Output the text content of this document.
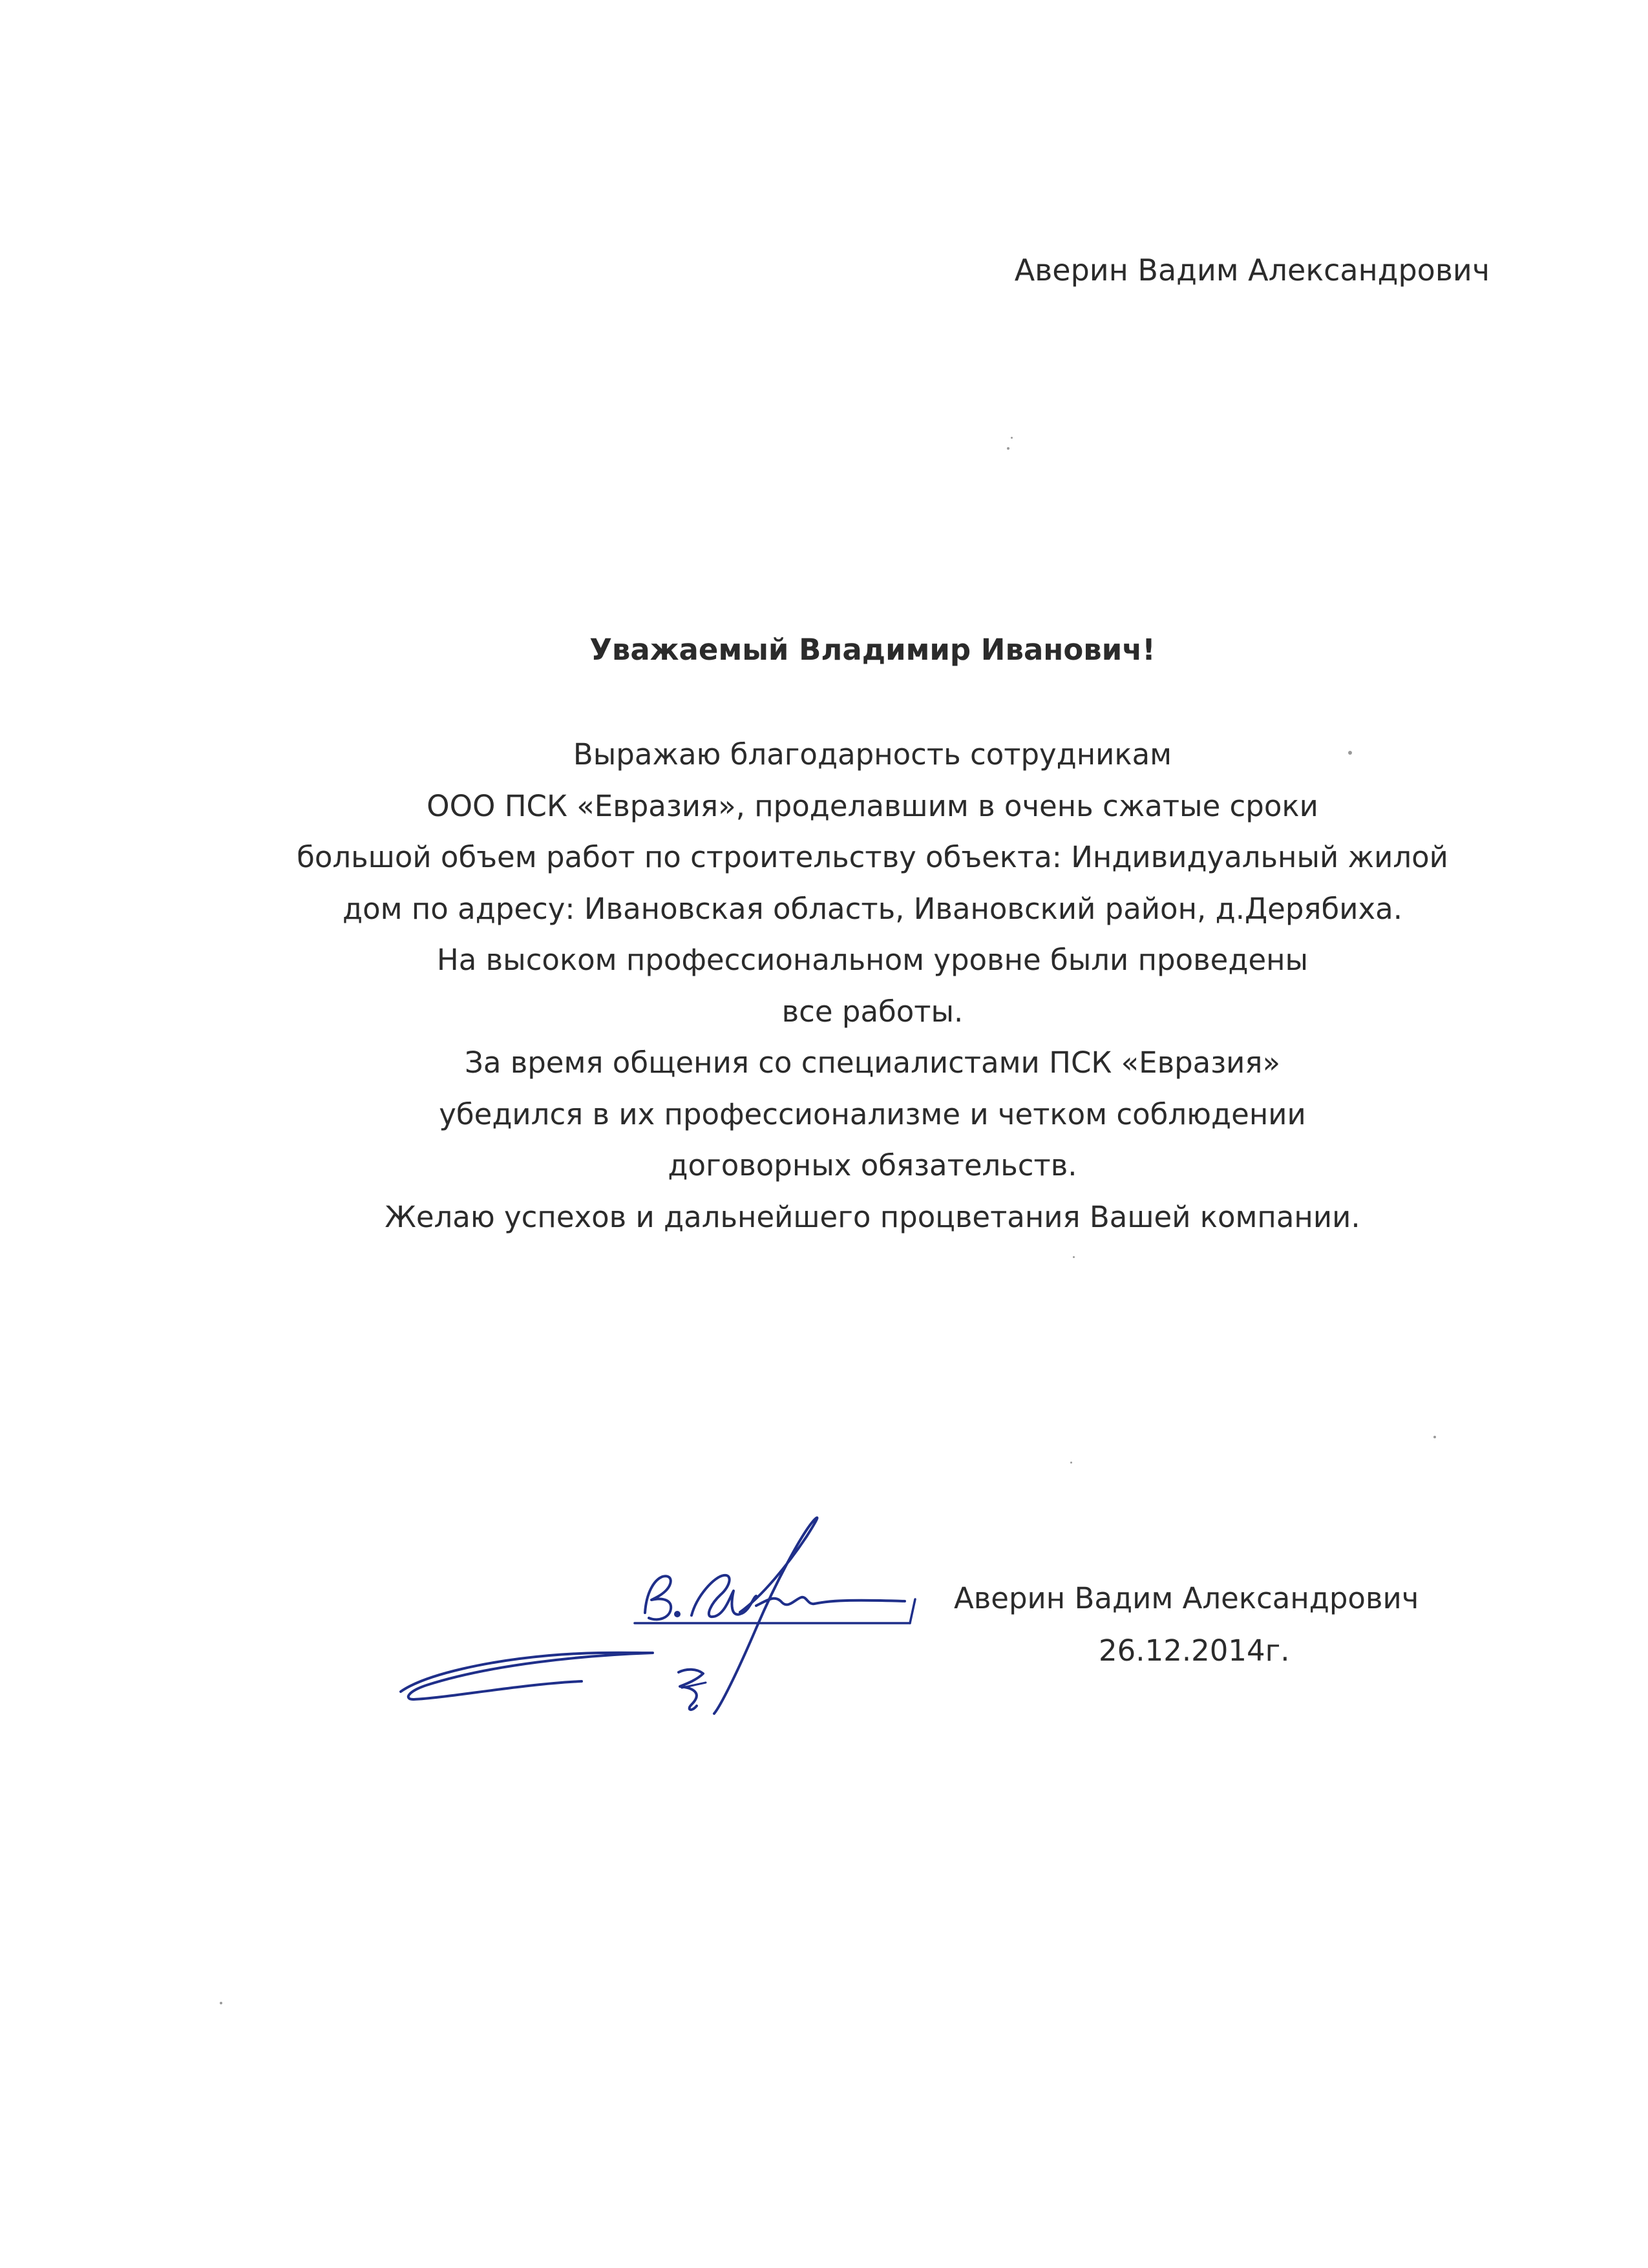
Аверин Вадим Александрович
Уважаемый Владимир Иванович!
Выражаю благодарность сотрудникам
ООО ПСК «Евразия», проделавшим в очень сжатые сроки
большой объем работ по строительству объекта: Индивидуальный жилой
дом по адресу: Ивановская область, Ивановский район, д.Дерябиха.
На высоком профессиональном уровне были проведены
все работы.
За время общения со специалистами ПСК «Евразия»
убедился в их профессионализме и четком соблюдении
договорных обязательств.
Желаю успехов и дальнейшего процветания Вашей компании.
Аверин Вадим Александрович
26.12.2014г.
